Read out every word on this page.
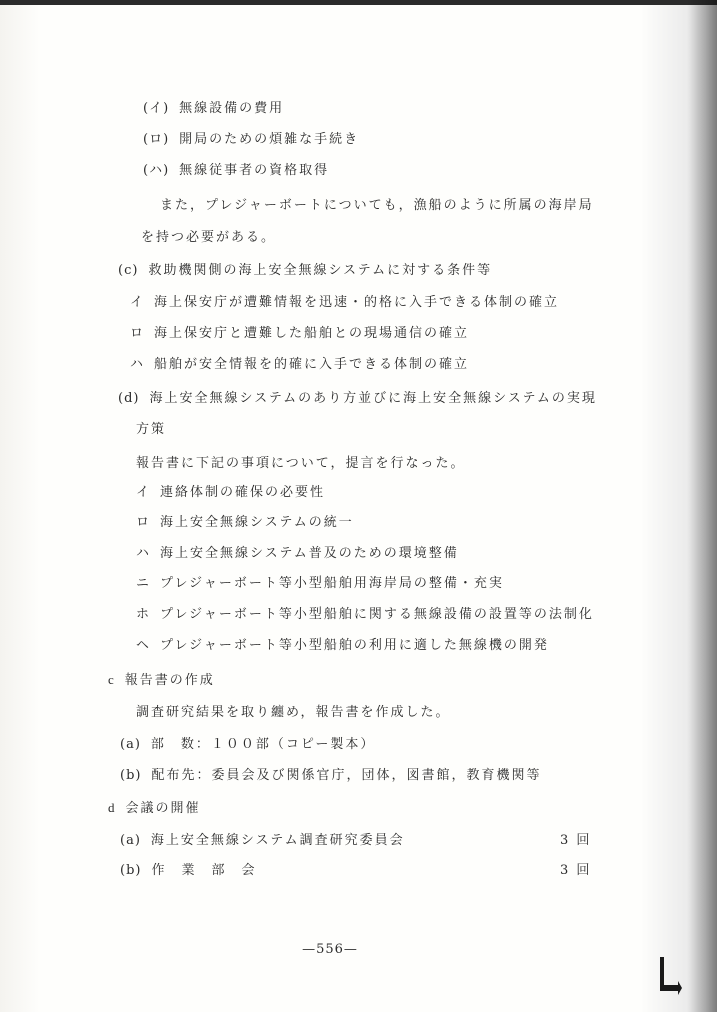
(イ) 無線設備の費用
(ロ) 開局のための煩雑な手続き
(ハ) 無線従事者の資格取得
また，プレジャーボートについても，漁船のように所属の海岸局
を持つ必要がある。
(c) 救助機関側の海上安全無線システムに対する条件等
イ 海上保安庁が遭難情報を迅速・的格に入手できる体制の確立
ロ 海上保安庁と遭難した船舶との現場通信の確立
ハ 船舶が安全情報を的確に入手できる体制の確立
(d) 海上安全無線システムのあり方並びに海上安全無線システムの実現
方策
報告書に下記の事項について，提言を行なった。
イ 連絡体制の確保の必要性
ロ 海上安全無線システムの統一
ハ 海上安全無線システム普及のための環境整備
ニ プレジャーボート等小型船舶用海岸局の整備・充実
ホ プレジャーボート等小型船舶に関する無線設備の設置等の法制化
ヘ プレジャーボート等小型船舶の利用に適した無線機の開発
c 報告書の作成
調査研究結果を取り纏め，報告書を作成した。
(a) 部　数：１００部（コピー製本）
(b) 配布先：委員会及び関係官庁，団体，図書館，教育機関等
d 会議の開催
(a) 海上安全無線システム調査研究委員会	3 回
(b) 作　業　部　会	3 回
—556—
